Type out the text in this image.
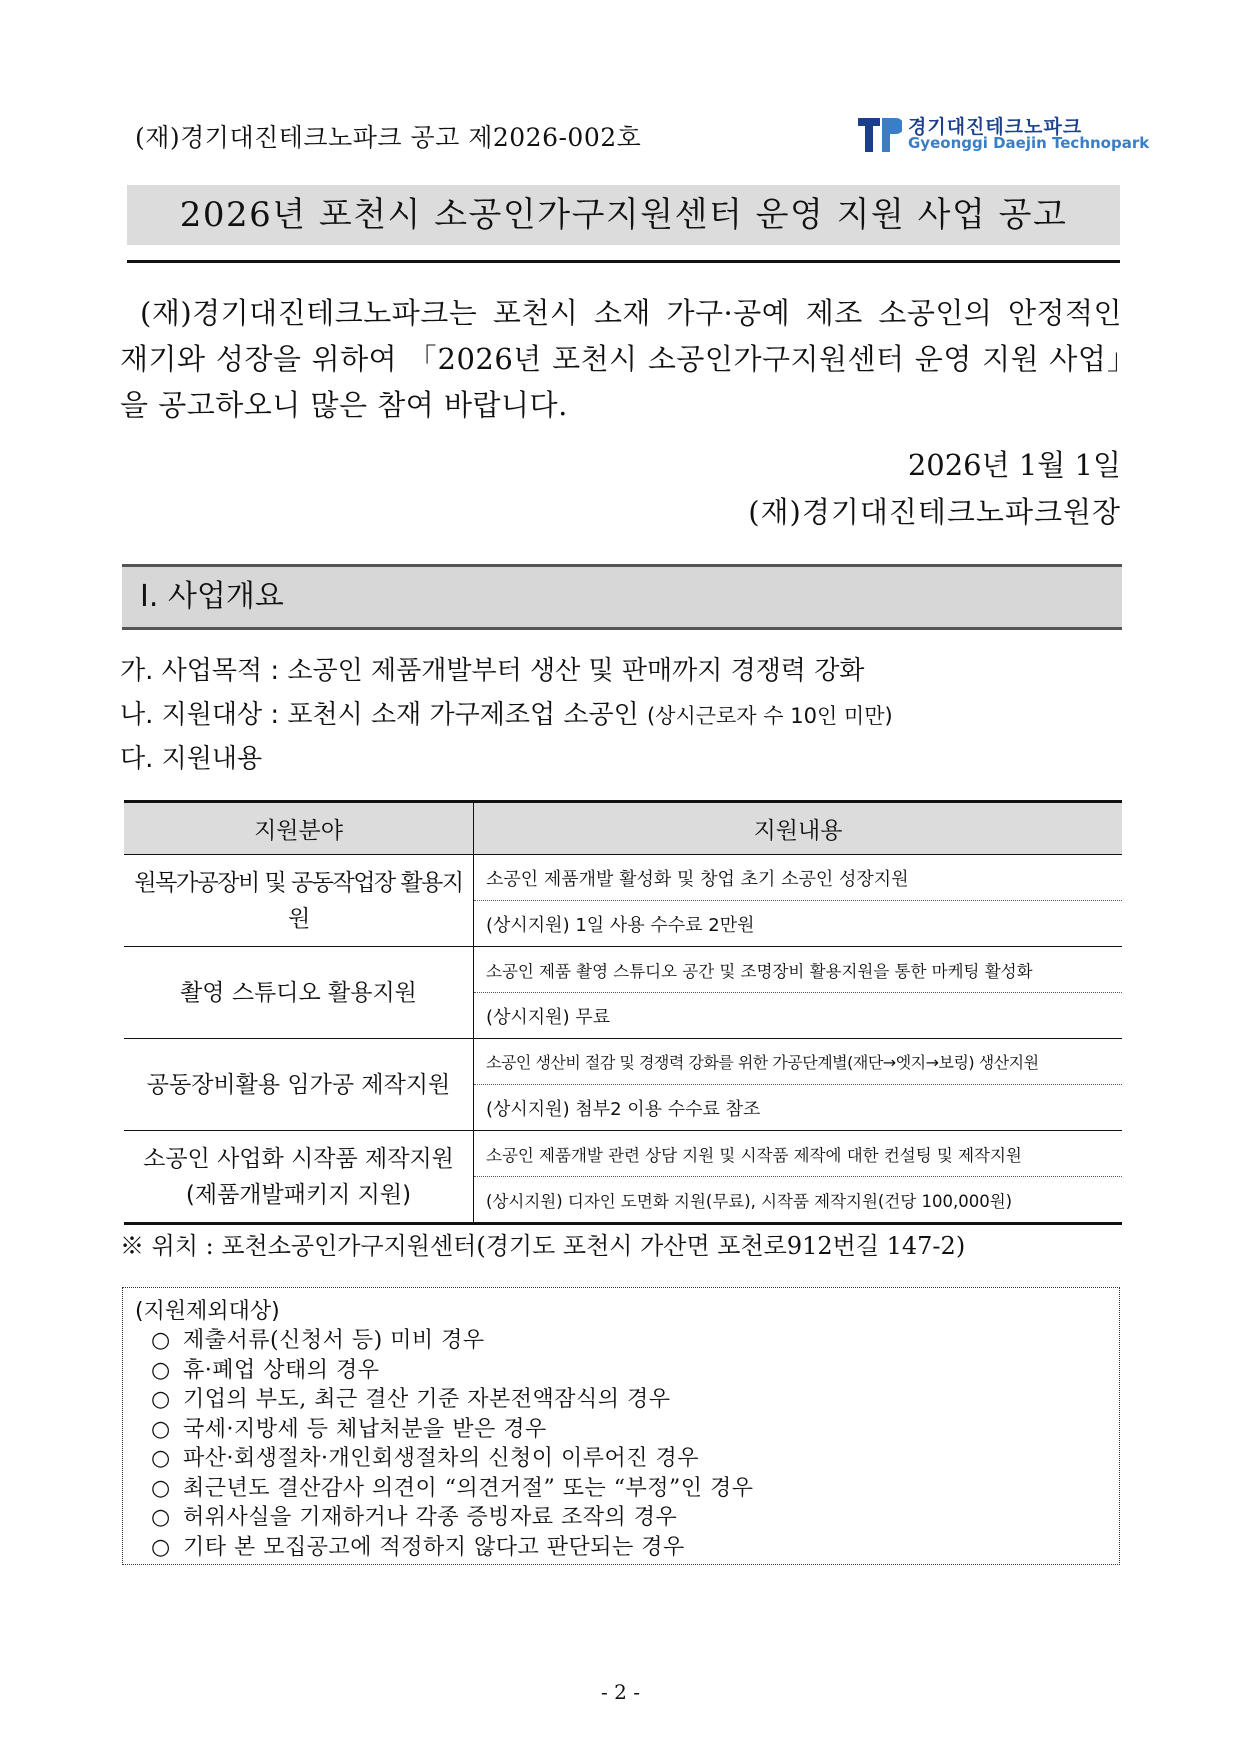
(재)경기대진테크노파크 공고 제2026-002호	경기대진테크노파크
Gyeonggi Daejin Technopark
2026년 포천시 소공인가구지원센터 운영 지원 사업 공고
(재)경기대진테크노파크는 포천시 소재 가구·공예 제조 소공인의 안정적인 재기와 성장을 위하여 「2026년 포천시 소공인가구지원센터 운영 지원 사업」을 공고하오니 많은 참여 바랍니다.
2026년 1월 1일
(재)경기대진테크노파크원장
Ⅰ. 사업개요
가. 사업목적 : 소공인 제품개발부터 생산 및 판매까지 경쟁력 강화
나. 지원대상 : 포천시 소재 가구제조업 소공인 (상시근로자 수 10인 미만)
다. 지원내용
지원분야	지원내용

원목가공장비 및 공동작업장 활용지원	소공인 제품개발 활성화 및 창업 초기 소공인 성장지원
	(상시지원) 1일 사용 수수료 2만원

촬영 스튜디오 활용지원	소공인 제품 촬영 스튜디오 공간 및 조명장비 활용지원을 통한 마케팅 활성화
	(상시지원) 무료

공동장비활용 임가공 제작지원	소공인 생산비 절감 및 경쟁력 강화를 위한 가공단계별(재단→엣지→보링) 생산지원
	(상시지원) 첨부2 이용 수수료 참조

소공인 사업화 시작품 제작지원
(제품개발패키지 지원)	소공인 제품개발 관련 상담 지원 및 시작품 제작에 대한 컨설팅 및 제작지원
	(상시지원) 디자인 도면화 지원(무료), 시작품 제작지원(건당 100,000원)
※ 위치 : 포천소공인가구지원센터(경기도 포천시 가산면 포천로912번길 147-2)
(지원제외대상)
○ 제출서류(신청서 등) 미비 경우
○ 휴·폐업 상태의 경우
○ 기업의 부도, 최근 결산 기준 자본전액잠식의 경우
○ 국세·지방세 등 체납처분을 받은 경우
○ 파산·회생절차·개인회생절차의 신청이 이루어진 경우
○ 최근년도 결산감사 의견이 “의견거절” 또는 “부정”인 경우
○ 허위사실을 기재하거나 각종 증빙자료 조작의 경우
○ 기타 본 모집공고에 적정하지 않다고 판단되는 경우
- 2 -
